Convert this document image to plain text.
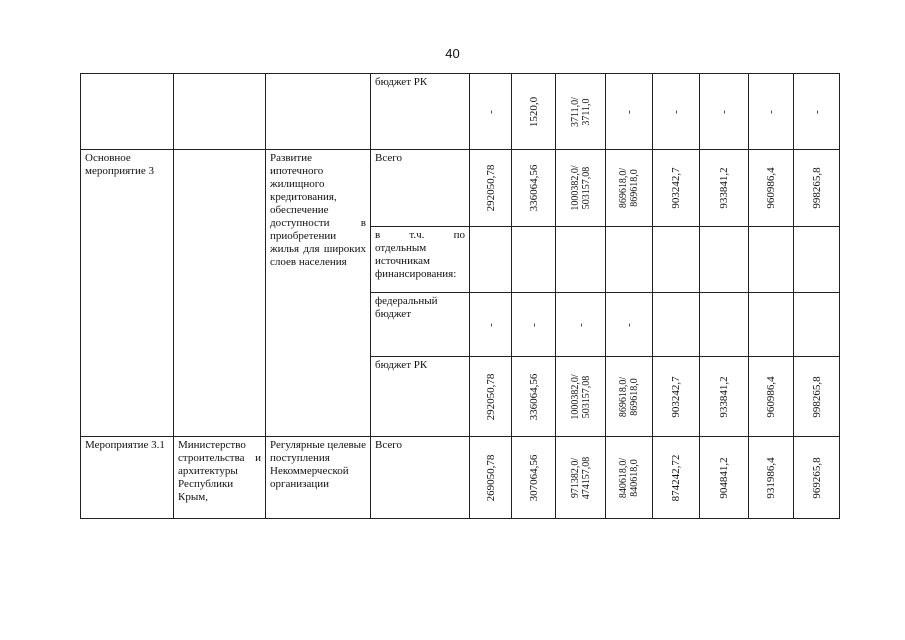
40

			бюджет РК	-	1520,0	3711,0/ 3711,0	-	-	-	-	-

Основное мероприятие 3		Развитие ипотечного жилищного кредитования, обеспечение доступности в приобретении жилья для широких слоев населения	Всего	292050,78	336064,56	1000382,0/ 503157,08	869618,0/ 869618,0	903242,7	933841,2	960986,4	998265,8

			в т.ч. по отдельным источникам финансирования:								

			федеральный бюджет	-	-	-	-				

			бюджет РК	292050,78	336064,56	1000382,0/ 503157,08	869618,0/ 869618,0	903242,7	933841,2	960986,4	998265,8

Мероприятие 3.1	Министерство строительства и архитектуры Республики Крым,	Регулярные целевые поступления Некоммерческой организации	Всего	269050,78	307064,56	971382,0/ 474157,08	840618,0/ 840618,0	874242,72	904841,2	931986,4	969265,8
